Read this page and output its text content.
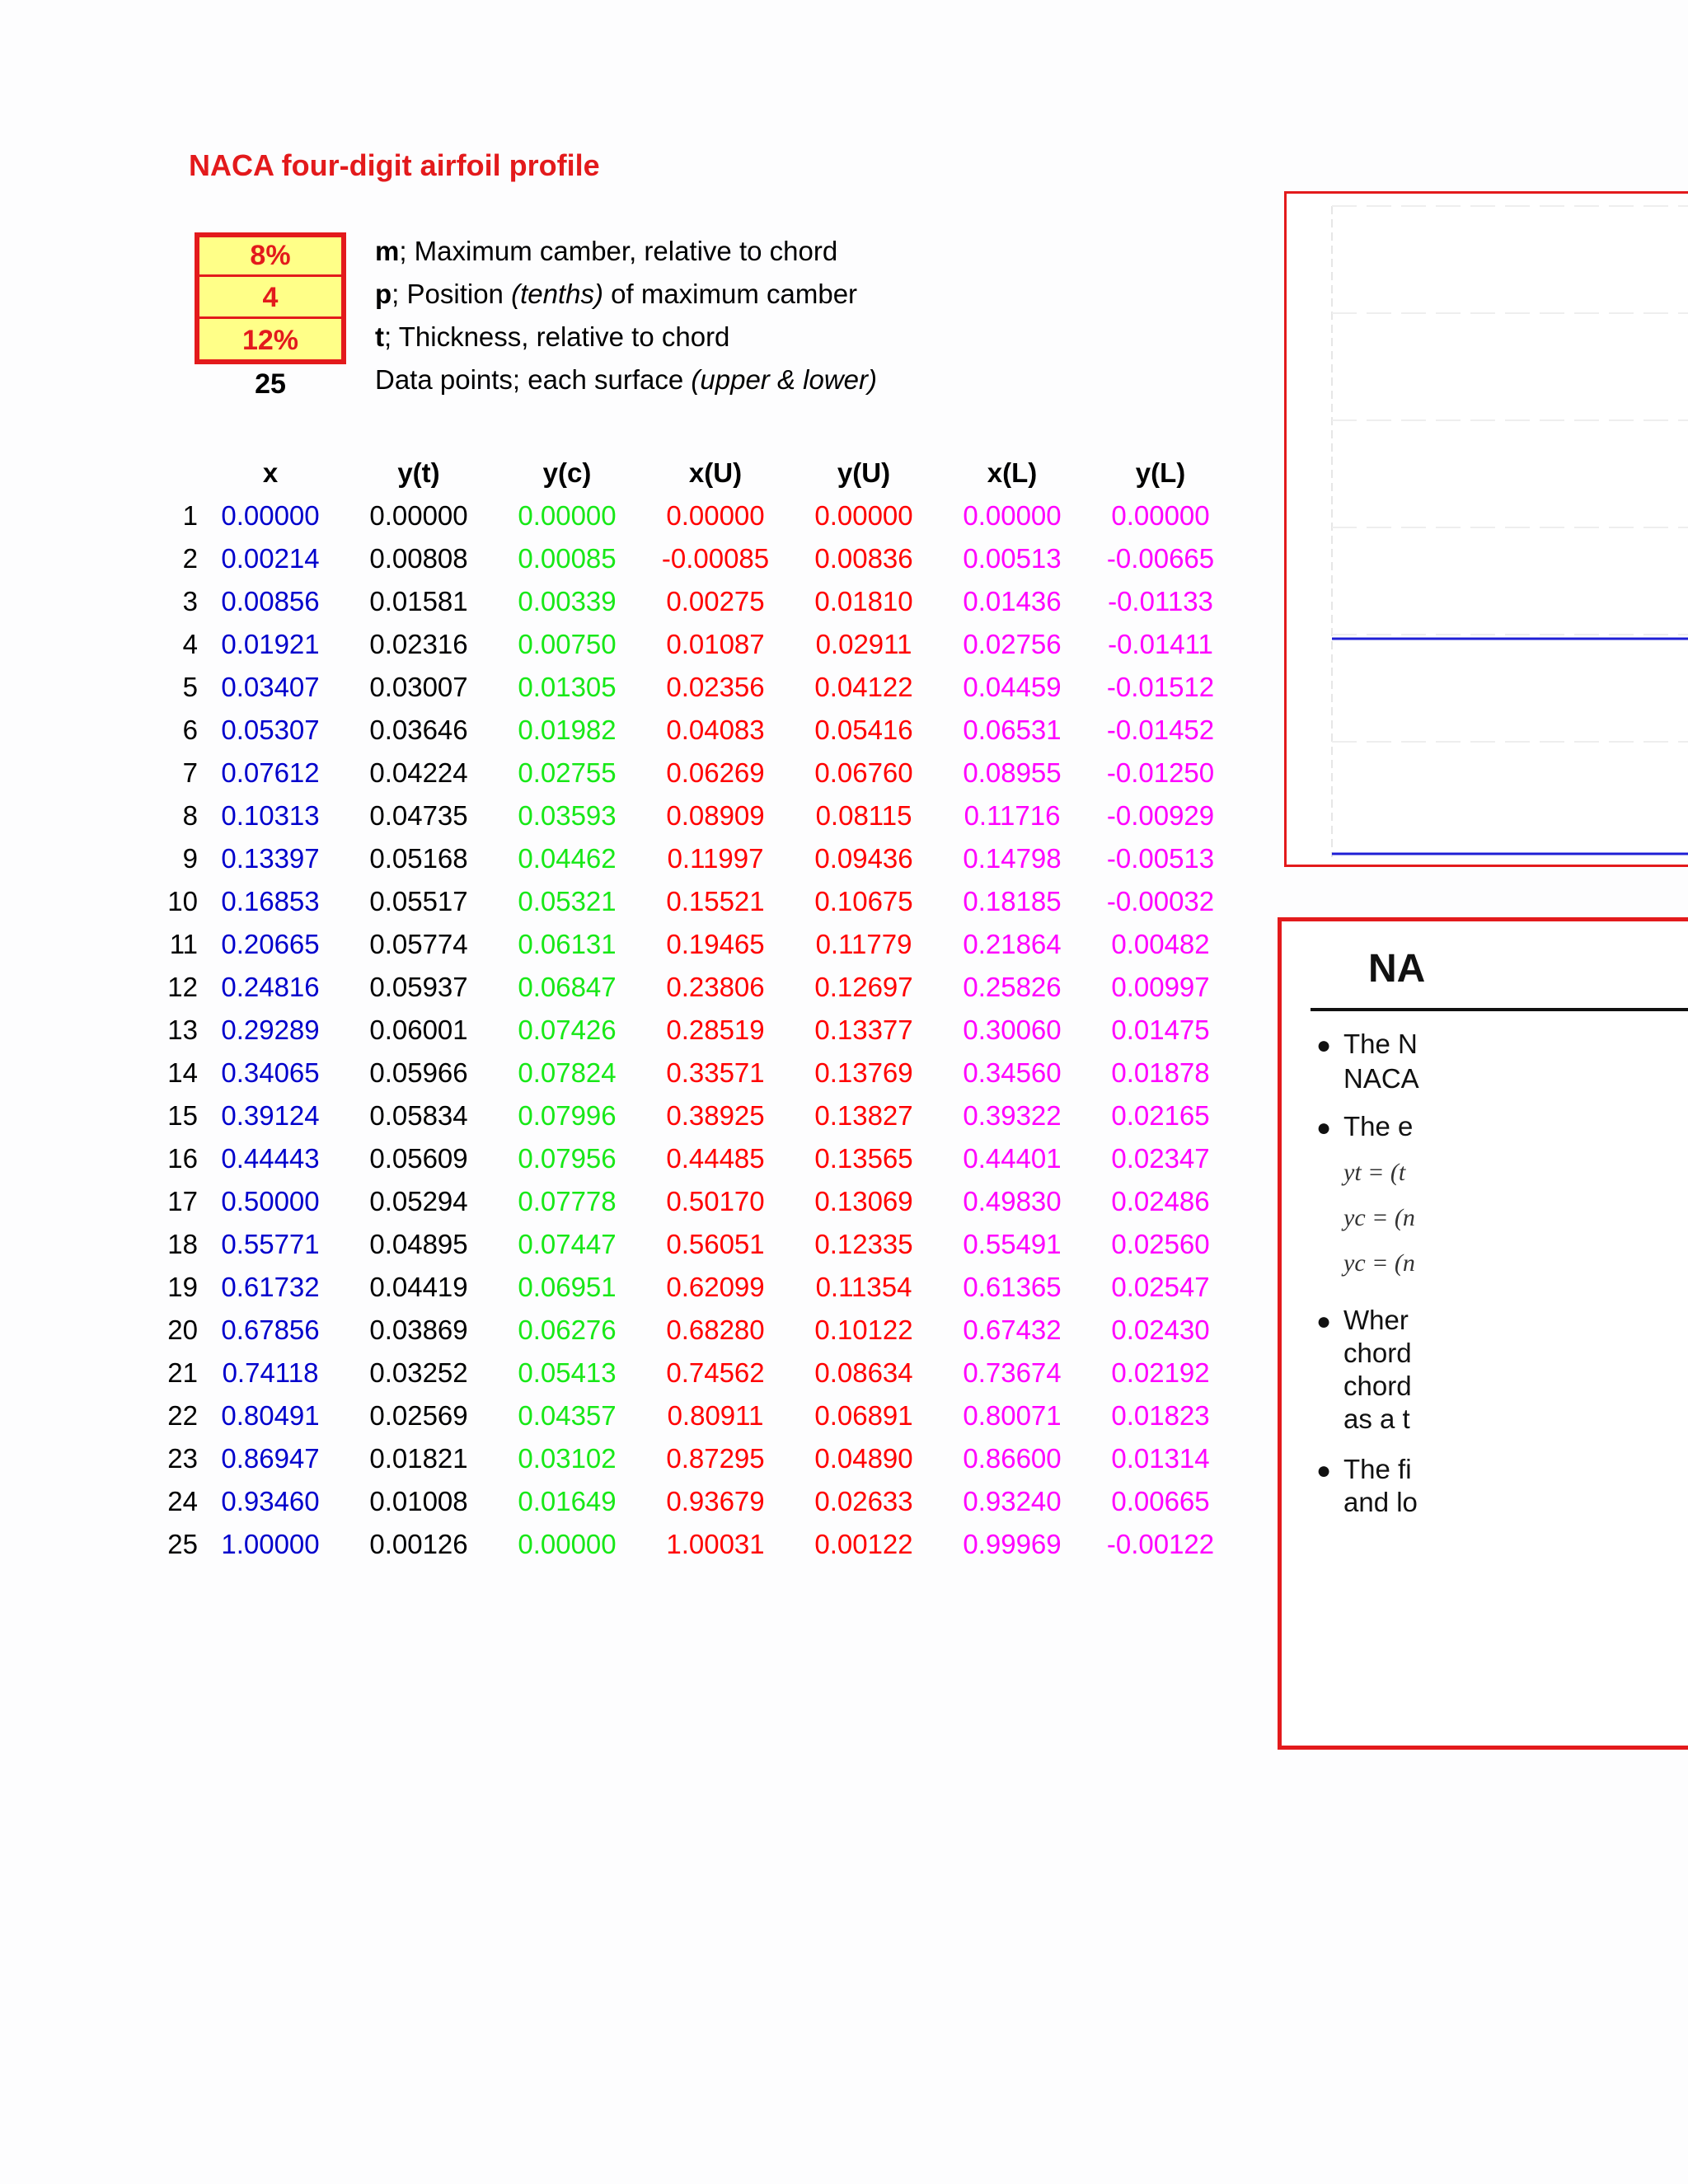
NACA four-digit airfoil profile
8%
4
12%
25
m; Maximum camber, relative to chord
p; Position (tenths) of maximum camber
t; Thickness, relative to chord
Data points; each surface (upper & lower)
x	y(t)	y(c)	x(U)	y(U)	x(L)	y(L)
1 0.00000	0.00000	0.00000	0.00000	0.00000	0.00000	0.00000
2 0.00214	0.00808	0.00085	-0.00085	0.00836	0.00513	-0.00665
3 0.00856	0.01581	0.00339	0.00275	0.01810	0.01436	-0.01133
4 0.01921	0.02316	0.00750	0.01087	0.02911	0.02756	-0.01411
5 0.03407	0.03007	0.01305	0.02356	0.04122	0.04459	-0.01512
6 0.05307	0.03646	0.01982	0.04083	0.05416	0.06531	-0.01452
7 0.07612	0.04224	0.02755	0.06269	0.06760	0.08955	-0.01250
8 0.10313	0.04735	0.03593	0.08909	0.08115	0.11716	-0.00929
9 0.13397	0.05168	0.04462	0.11997	0.09436	0.14798	-0.00513
10 0.16853	0.05517	0.05321	0.15521	0.10675	0.18185	-0.00032
11 0.20665	0.05774	0.06131	0.19465	0.11779	0.21864	0.00482
12 0.24816	0.05937	0.06847	0.23806	0.12697	0.25826	0.00997
13 0.29289	0.06001	0.07426	0.28519	0.13377	0.30060	0.01475
14 0.34065	0.05966	0.07824	0.33571	0.13769	0.34560	0.01878
15 0.39124	0.05834	0.07996	0.38925	0.13827	0.39322	0.02165
16 0.44443	0.05609	0.07956	0.44485	0.13565	0.44401	0.02347
17 0.50000	0.05294	0.07778	0.50170	0.13069	0.49830	0.02486
18 0.55771	0.04895	0.07447	0.56051	0.12335	0.55491	0.02560
19 0.61732	0.04419	0.06951	0.62099	0.11354	0.61365	0.02547
20 0.67856	0.03869	0.06276	0.68280	0.10122	0.67432	0.02430
21 0.74118	0.03252	0.05413	0.74562	0.08634	0.73674	0.02192
22 0.80491	0.02569	0.04357	0.80911	0.06891	0.80071	0.01823
23 0.86947	0.01821	0.03102	0.87295	0.04890	0.86600	0.01314
24 0.93460	0.01008	0.01649	0.93679	0.02633	0.93240	0.00665
25 1.00000	0.00126	0.00000	1.00031	0.00122	0.99969	-0.00122
NA
● The N
NACA
● The e
yt = (t
yc = (n
yc = (n
● Wher
chord
chord
as a t
● The fi
and lo
